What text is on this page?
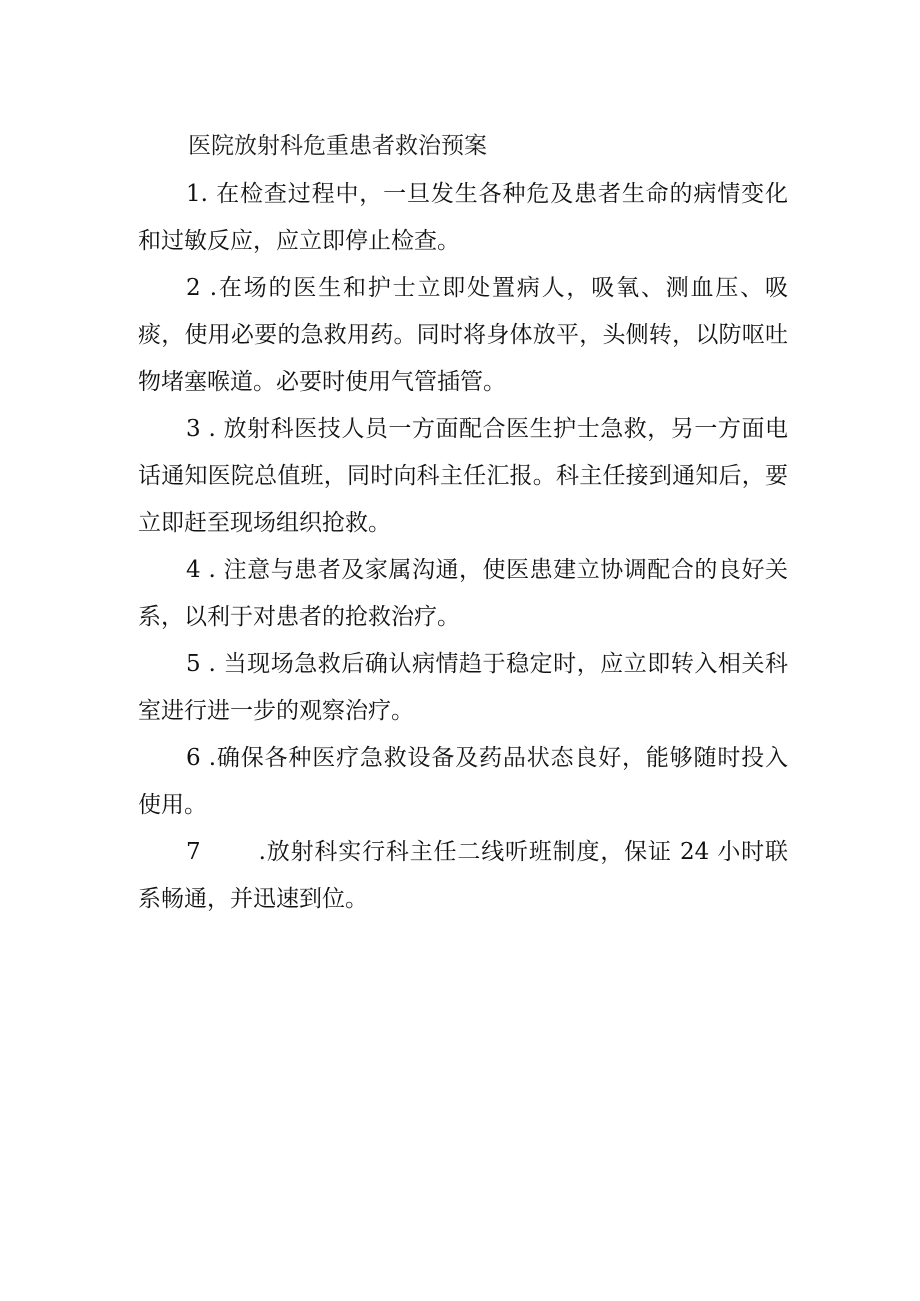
医院放射科危重患者救治预案

1. 在检查过程中，一旦发生各种危及患者生命的病情变化和过敏反应，应立即停止检查。

2 .在场的医生和护士立即处置病人，吸氧、测血压、吸痰，使用必要的急救用药。同时将身体放平，头侧转，以防呕吐物堵塞喉道。必要时使用气管插管。

3 . 放射科医技人员一方面配合医生护士急救，另一方面电话通知医院总值班，同时向科主任汇报。科主任接到通知后，要立即赶至现场组织抢救。

4 . 注意与患者及家属沟通，使医患建立协调配合的良好关系，以利于对患者的抢救治疗。

5 . 当现场急救后确认病情趋于稳定时，应立即转入相关科室进行进一步的观察治疗。

6 .确保各种医疗急救设备及药品状态良好，能够随时投入使用。

7	.放射科实行科主任二线听班制度，保证 24 小时联系畅通，并迅速到位。
